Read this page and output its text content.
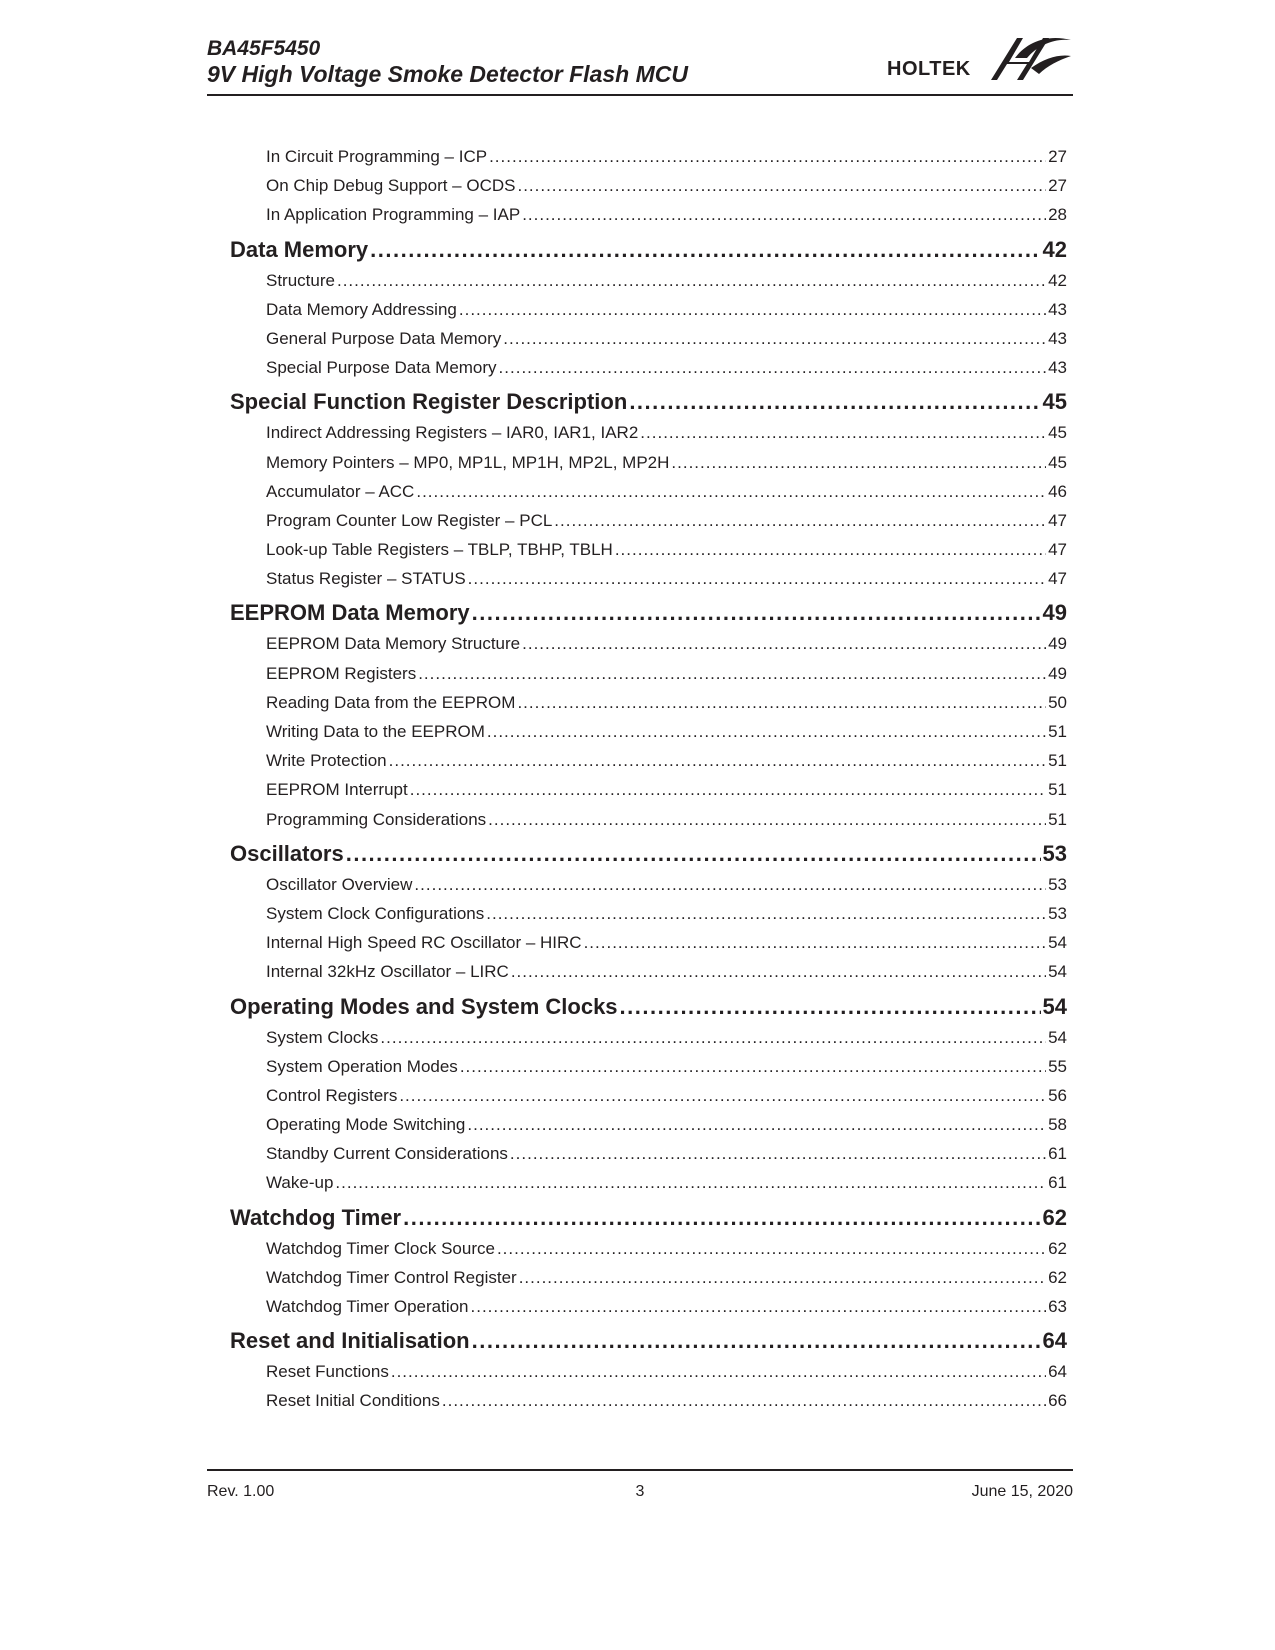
BA45F5450
9V High Voltage Smoke Detector Flash MCU	HOLTEK
In Circuit Programming – ICP .....	27
On Chip Debug Support – OCDS .....	27
In Application Programming – IAP .....	28
Data Memory .....	42
Structure .....	42
Data Memory Addressing .....	43
General Purpose Data Memory .....	43
Special Purpose Data Memory .....	43
Special Function Register Description .....	45
Indirect Addressing Registers – IAR0, IAR1, IAR2 .....	45
Memory Pointers – MP0, MP1L, MP1H, MP2L, MP2H .....	45
Accumulator – ACC .....	46
Program Counter Low Register – PCL .....	47
Look-up Table Registers – TBLP, TBHP, TBLH .....	47
Status Register – STATUS .....	47
EEPROM Data Memory .....	49
EEPROM Data Memory Structure .....	49
EEPROM Registers .....	49
Reading Data from the EEPROM .....	50
Writing Data to the EEPROM .....	51
Write Protection .....	51
EEPROM Interrupt .....	51
Programming Considerations .....	51
Oscillators .....	53
Oscillator Overview .....	53
System Clock Configurations .....	53
Internal High Speed RC Oscillator – HIRC .....	54
Internal 32kHz Oscillator – LIRC .....	54
Operating Modes and System Clocks .....	54
System Clocks .....	54
System Operation Modes .....	55
Control Registers .....	56
Operating Mode Switching .....	58
Standby Current Considerations .....	61
Wake-up .....	61
Watchdog Timer .....	62
Watchdog Timer Clock Source .....	62
Watchdog Timer Control Register .....	62
Watchdog Timer Operation .....	63
Reset and Initialisation .....	64
Reset Functions .....	64
Reset Initial Conditions .....	66
Rev. 1.00	3	June 15, 2020
